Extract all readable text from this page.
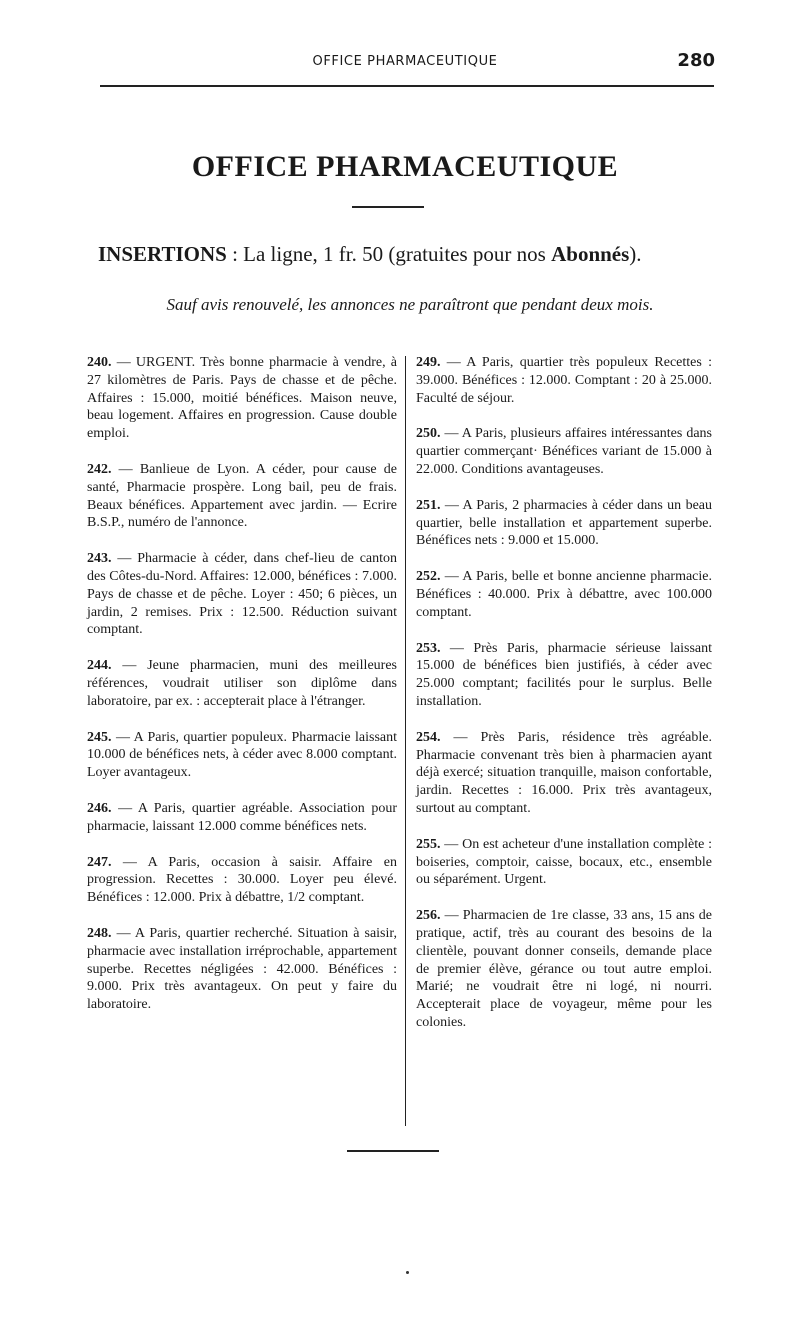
OFFICE PHARMACEUTIQUE	280
OFFICE PHARMACEUTIQUE
INSERTIONS : La ligne, 1 fr. 50 (gratuites pour nos Abonnés).
Sauf avis renouvelé, les annonces ne paraîtront que pendant deux mois.

240. — URGENT. Très bonne pharmacie à vendre, à 27 kilomètres de Paris. Pays de chasse et de pêche. Affaires : 15.000, moitié bénéfices. Maison neuve, beau logement. Affaires en progression. Cause double emploi.

242. — Banlieue de Lyon. A céder, pour cause de santé, Pharmacie prospère. Long bail, peu de frais. Beaux bénéfices. Appartement avec jardin. — Ecrire B.S.P., numéro de l'annonce.

243. — Pharmacie à céder, dans chef-lieu de canton des Côtes-du-Nord. Affaires: 12.000, bénéfices : 7.000. Pays de chasse et de pêche. Loyer : 450; 6 pièces, un jardin, 2 remises. Prix : 12.500. Réduction suivant comptant.

244. — Jeune pharmacien, muni des meilleures références, voudrait utiliser son diplôme dans laboratoire, par ex. : accepterait place à l'étranger.

245. — A Paris, quartier populeux. Pharmacie laissant 10.000 de bénéfices nets, à céder avec 8.000 comptant. Loyer avantageux.

246. — A Paris, quartier agréable. Association pour pharmacie, laissant 12.000 comme bénéfices nets.

247. — A Paris, occasion à saisir. Affaire en progression. Recettes : 30.000. Loyer peu élevé. Bénéfices : 12.000. Prix à débattre, 1/2 comptant.

248. — A Paris, quartier recherché. Situation à saisir, pharmacie avec installation irréprochable, appartement superbe. Recettes négligées : 42.000. Bénéfices : 9.000. Prix très avantageux. On peut y faire du laboratoire.

249. — A Paris, quartier très populeux Recettes : 39.000. Bénéfices : 12.000. Comptant : 20 à 25.000. Faculté de séjour.

250. — A Paris, plusieurs affaires intéressantes dans quartier commerçant· Bénéfices variant de 15.000 à 22.000. Conditions avantageuses.

251. — A Paris, 2 pharmacies à céder dans un beau quartier, belle installation et appartement superbe. Bénéfices nets : 9.000 et 15.000.

252. — A Paris, belle et bonne ancienne pharmacie. Bénéfices : 40.000. Prix à débattre, avec 100.000 comptant.

253. — Près Paris, pharmacie sérieuse laissant 15.000 de bénéfices bien justifiés, à céder avec 25.000 comptant; facilités pour le surplus. Belle installation.

254. — Près Paris, résidence très agréable. Pharmacie convenant très bien à pharmacien ayant déjà exercé; situation tranquille, maison confortable, jardin. Recettes : 16.000. Prix très avantageux, surtout au comptant.

255. — On est acheteur d'une installation complète : boiseries, comptoir, caisse, bocaux, etc., ensemble ou séparément. Urgent.

256. — Pharmacien de 1re classe, 33 ans, 15 ans de pratique, actif, très au courant des besoins de la clientèle, pouvant donner conseils, demande place de premier élève, gérance ou tout autre emploi. Marié; ne voudrait être ni logé, ni nourri. Accepterait place de voyageur, même pour les colonies.
